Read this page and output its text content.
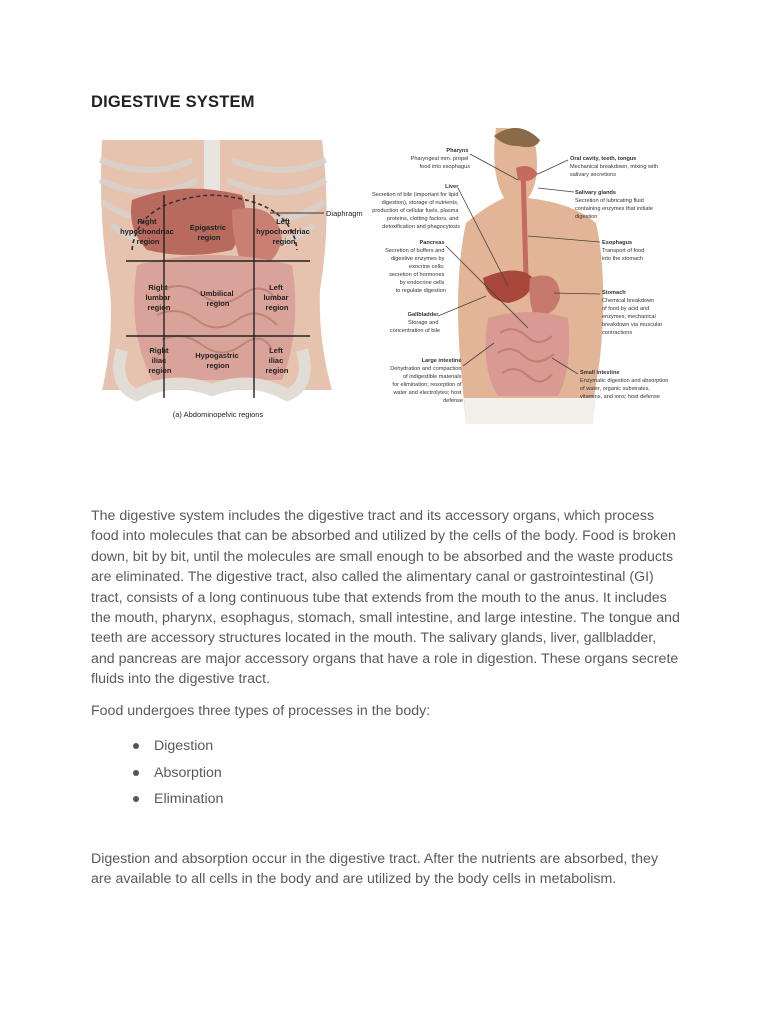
DIGESTIVE SYSTEM
Right hypochondriac region
Epigastric region
Left hypochondriac region
Right lumbar region
Umbilical region
Left lumbar region
Right iliac region
Hypogastric region
Left iliac region
Diaphragm
(a) Abdominopelvic regions
Pharynx Pharyngeal mm. propel food into esophagus
Liver Secretion of bile (important for lipid digestion), storage of nutrients, production of cellular fuels, plasma proteins, clotting factors, and detoxification and phagocytosis
Pancreas Secretion of buffers and digestive enzymes by exocrine cells; secretion of hormones by endocrine cells to regulate digestion
Gallbladder Storage and concentration of bile
Large intestine Dehydration and compaction of indigestible materials for elimination; resorption of water and electrolytes; host defense
Oral cavity, teeth, tongue Mechanical breakdown, mixing with salivary secretions
Salivary glands Secretion of lubricating fluid containing enzymes that initiate digestion
Esophagus Transport of food into the stomach
Stomach Chemical breakdown of food by acid and enzymes; mechanical breakdown via muscular contractions
Small intestine Enzymatic digestion and absorption of water, organic substrates, vitamins, and ions; host defense

The digestive system includes the digestive tract and its accessory organs, which process food into molecules that can be absorbed and utilized by the cells of the body. Food is broken down, bit by bit, until the molecules are small enough to be absorbed and the waste products are eliminated. The digestive tract, also called the alimentary canal or gastrointestinal (GI) tract, consists of a long continuous tube that extends from the mouth to the anus. It includes the mouth, pharynx, esophagus, stomach, small intestine, and large intestine. The tongue and teeth are accessory structures located in the mouth. The salivary glands, liver, gallbladder, and pancreas are major accessory organs that have a role in digestion. These organs secrete fluids into the digestive tract.

Food undergoes three types of processes in the body:

Digestion
Absorption
Elimination

Digestion and absorption occur in the digestive tract. After the nutrients are absorbed, they are available to all cells in the body and are utilized by the body cells in metabolism.
